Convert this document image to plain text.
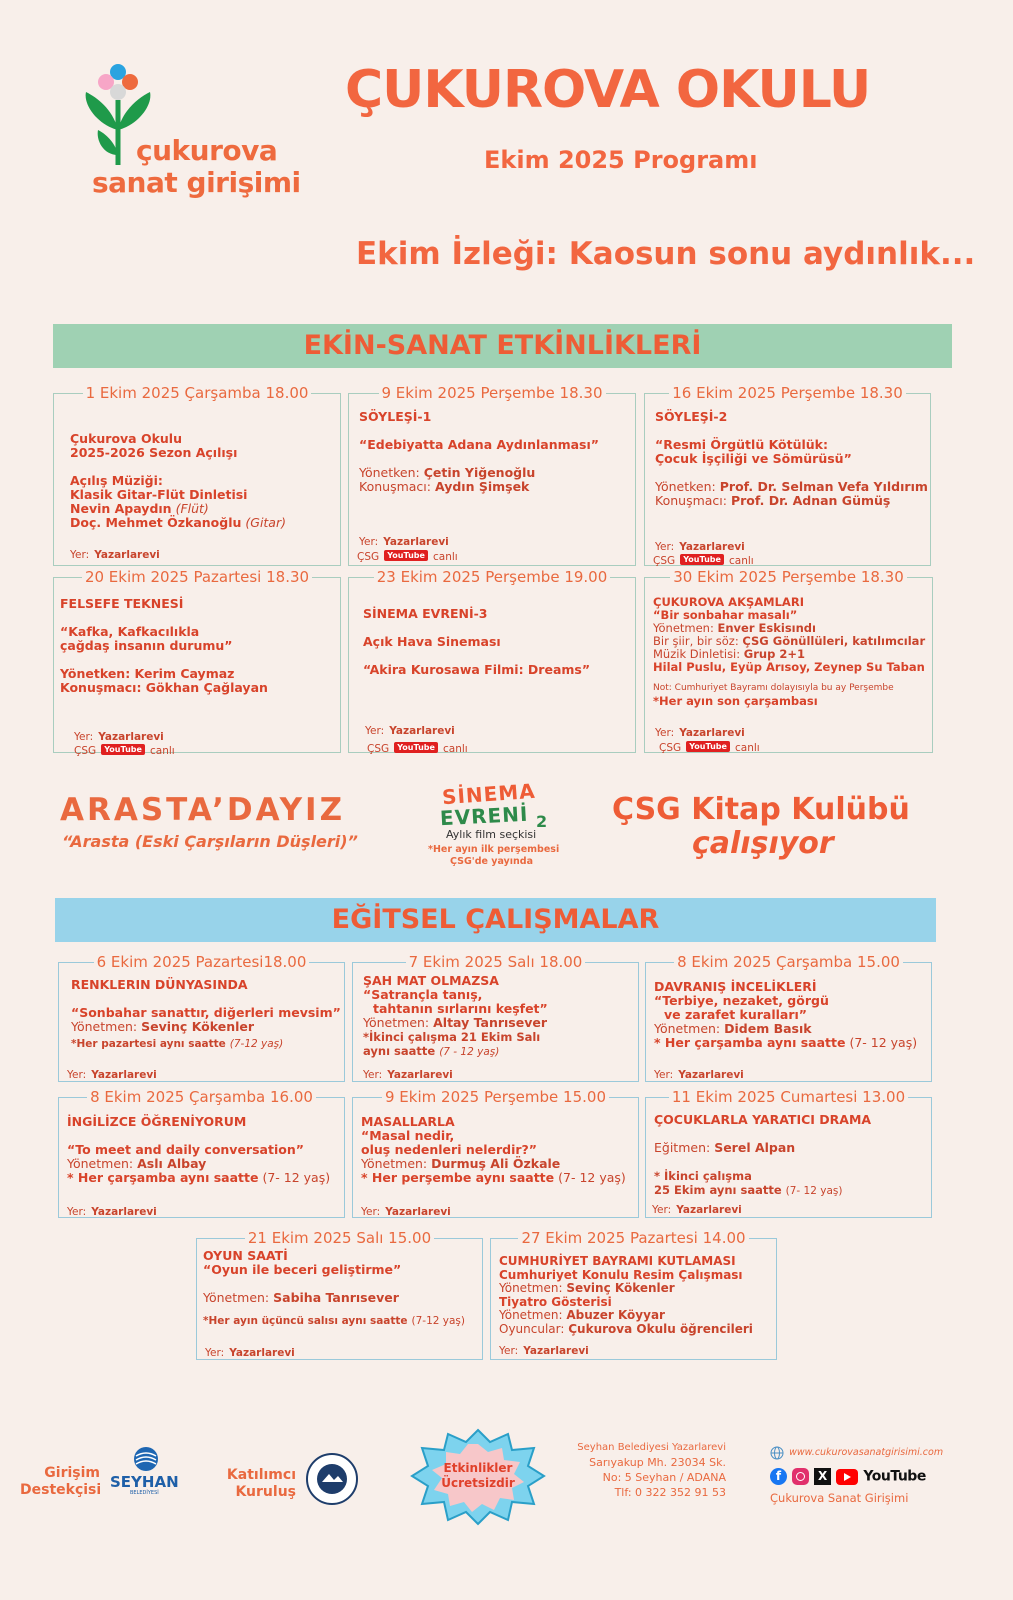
çukurova
sanat girişimi
ÇUKUROVA OKULU
Ekim 2025 Programı
Ekim İzleği: Kaosun sonu aydınlık...
EKİN-SANAT ETKİNLİKLERİ
1 Ekim 2025 Çarşamba 18.00
Çukurova Okulu
2025-2026 Sezon Açılışı
Açılış Müziği:
Klasik Gitar-Flüt Dinletisi
Nevin Apaydın (Flüt)
Doç. Mehmet Özkanoğlu (Gitar)
Yer: Yazarlarevi
9 Ekim 2025 Perşembe 18.30
SÖYLEŞİ-1
“Edebiyatta Adana Aydınlanması”
Yönetken: Çetin Yiğenoğlu
Konuşmacı: Aydın Şimşek
Yer: Yazarlarevi
ÇSG YouTube canlı
16 Ekim 2025 Perşembe 18.30
SÖYLEŞİ-2
“Resmi Örgütlü Kötülük:
Çocuk İşçiliği ve Sömürüsü”
Yönetken: Prof. Dr. Selman Vefa Yıldırım
Konuşmacı: Prof. Dr. Adnan Gümüş
Yer: Yazarlarevi
ÇSG YouTube canlı
20 Ekim 2025 Pazartesi 18.30
FELSEFE TEKNESİ
“Kafka, Kafkacılıkla
çağdaş insanın durumu”
Yönetken: Kerim Caymaz
Konuşmacı: Gökhan Çağlayan
Yer: Yazarlarevi
ÇSG YouTube canlı
23 Ekim 2025 Perşembe 19.00
SİNEMA EVRENİ-3
Açık Hava Sineması
“Akira Kurosawa Filmi: Dreams”
Yer: Yazarlarevi
ÇSG YouTube canlı
30 Ekim 2025 Perşembe 18.30
ÇUKUROVA AKŞAMLARI
“Bir sonbahar masalı”
Yönetmen: Enver Eskisındı
Bir şiir, bir söz: ÇSG Gönüllüleri, katılımcılar
Müzik Dinletisi: Grup 2+1
Hilal Puslu, Eyüp Arısoy, Zeynep Su Taban
Not: Cumhuriyet Bayramı dolayısıyla bu ay Perşembe
*Her ayın son çarşambası
Yer: Yazarlarevi
ÇSG YouTube canlı
ARASTA’DAYIZ
“Arasta (Eski Çarşıların Düşleri)”
SİNEMA
EVRENİ 2
Aylık film seçkisi
*Her ayın ilk perşembesi
ÇSG'de yayında
ÇSG Kitap Kulübü
çalışıyor
EĞİTSEL ÇALIŞMALAR
6 Ekim 2025 Pazartesi18.00
RENKLERIN DÜNYASINDA
“Sonbahar sanattır, diğerleri mevsim”
Yönetmen: Sevinç Kökenler
*Her pazartesi aynı saatte (7-12 yaş)
Yer: Yazarlarevi
7 Ekim 2025 Salı 18.00
ŞAH MAT OLMAZSA
“Satrançla tanış,
tahtanın sırlarını keşfet”
Yönetmen: Altay Tanrısever
*İkinci çalışma 21 Ekim Salı
aynı saatte (7 - 12 yaş)
Yer: Yazarlarevi
8 Ekim 2025 Çarşamba 15.00
DAVRANIŞ İNCELİKLERİ
“Terbiye, nezaket, görgü
ve zarafet kuralları”
Yönetmen: Didem Basık
* Her çarşamba aynı saatte (7- 12 yaş)
Yer: Yazarlarevi
8 Ekim 2025 Çarşamba 16.00
İNGİLİZCE ÖĞRENİYORUM
“To meet and daily conversation”
Yönetmen: Aslı Albay
* Her çarşamba aynı saatte (7- 12 yaş)
Yer: Yazarlarevi
9 Ekim 2025 Perşembe 15.00
MASALLARLA
“Masal nedir,
oluş nedenleri nelerdir?”
Yönetmen: Durmuş Ali Özkale
* Her perşembe aynı saatte (7- 12 yaş)
Yer: Yazarlarevi
11 Ekim 2025 Cumartesi 13.00
ÇOCUKLARLA YARATICI DRAMA
Eğitmen: Serel Alpan
* İkinci çalışma
25 Ekim aynı saatte (7- 12 yaş)
Yer: Yazarlarevi
21 Ekim 2025 Salı 15.00
OYUN SAATİ
“Oyun ile beceri geliştirme”
Yönetmen: Sabiha Tanrısever
*Her ayın üçüncü salısı aynı saatte (7-12 yaş)
Yer: Yazarlarevi
27 Ekim 2025 Pazartesi 14.00
CUMHURİYET BAYRAMI KUTLAMASI
Cumhuriyet Konulu Resim Çalışması
Yönetmen: Sevinç Kökenler
Tiyatro Gösterisi
Yönetmen: Abuzer Köyyar
Oyuncular: Çukurova Okulu öğrencileri
Yer: Yazarlarevi
Girişim
Destekçisi SEYHAN
BELEDİYESİ
Katılımcı
Kuruluş
Etkinlikler
Ücretsizdir
Seyhan Belediyesi Yazarlarevi
Sarıyakup Mh. 23034 Sk.
No: 5 Seyhan / ADANA
Tlf: 0 322 352 91 53
www.cukurovasanatgirisimi.com
f	X	YouTube
Çukurova Sanat Girişimi
